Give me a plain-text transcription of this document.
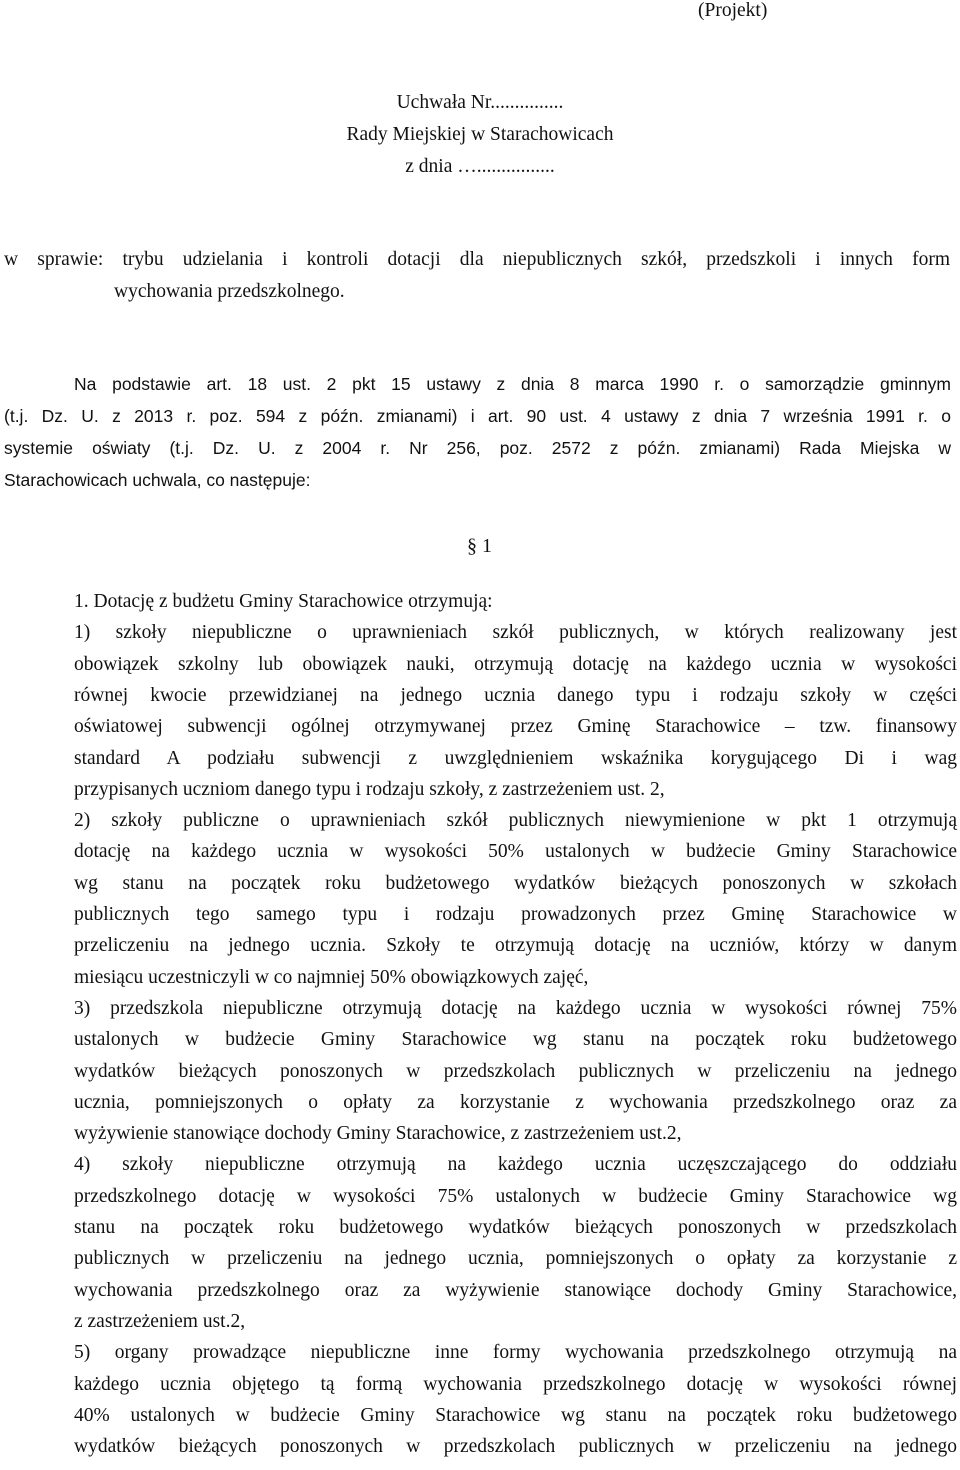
(Projekt)
Uchwała Nr...............
Rady Miejskiej w Starachowicach
z dnia …................
w sprawie: trybu udzielania i kontroli dotacji dla niepublicznych szkół, przedszkoli i innych form
wychowania przedszkolnego.
Na podstawie art. 18 ust. 2 pkt 15 ustawy z dnia 8 marca 1990 r. o samorządzie gminnym
(t.j. Dz. U. z 2013 r. poz. 594 z późn. zmianami) i art. 90 ust. 4 ustawy z dnia 7 września 1991 r. o
systemie oświaty (t.j. Dz. U. z 2004 r. Nr 256, poz. 2572 z późn. zmianami) Rada Miejska w
Starachowicach uchwala, co następuje:
§ 1
1. Dotację z budżetu Gminy Starachowice otrzymują:
1) szkoły niepubliczne o uprawnieniach szkół publicznych, w których realizowany jest
obowiązek szkolny lub obowiązek nauki, otrzymują dotację na każdego ucznia w wysokości
równej kwocie przewidzianej na jednego ucznia danego typu i rodzaju szkoły w części
oświatowej subwencji ogólnej otrzymywanej przez Gminę Starachowice – tzw. finansowy
standard A podziału subwencji z uwzględnieniem wskaźnika korygującego Di i wag
przypisanych uczniom danego typu i rodzaju szkoły, z zastrzeżeniem ust. 2,
2) szkoły publiczne o uprawnieniach szkół publicznych niewymienione w pkt 1 otrzymują
dotację na każdego ucznia w wysokości 50% ustalonych w budżecie Gminy Starachowice
wg stanu na początek roku budżetowego wydatków bieżących ponoszonych w szkołach
publicznych tego samego typu i rodzaju prowadzonych przez Gminę Starachowice w
przeliczeniu na jednego ucznia. Szkoły te otrzymują dotację na uczniów, którzy w danym
miesiącu uczestniczyli w co najmniej 50% obowiązkowych zajęć,
3) przedszkola niepubliczne otrzymują dotację na każdego ucznia w wysokości równej 75%
ustalonych w budżecie Gminy Starachowice wg stanu na początek roku budżetowego
wydatków bieżących ponoszonych w przedszkolach publicznych w przeliczeniu na jednego
ucznia, pomniejszonych o opłaty za korzystanie z wychowania przedszkolnego oraz za
wyżywienie stanowiące dochody Gminy Starachowice, z zastrzeżeniem ust.2,
4) szkoły niepubliczne otrzymują na każdego ucznia uczęszczającego do oddziału
przedszkolnego dotację w wysokości 75% ustalonych w budżecie Gminy Starachowice wg
stanu na początek roku budżetowego wydatków bieżących ponoszonych w przedszkolach
publicznych w przeliczeniu na jednego ucznia, pomniejszonych o opłaty za korzystanie z
wychowania przedszkolnego oraz za wyżywienie stanowiące dochody Gminy Starachowice,
z zastrzeżeniem ust.2,
5) organy prowadzące niepubliczne inne formy wychowania przedszkolnego otrzymują na
każdego ucznia objętego tą formą wychowania przedszkolnego dotację w wysokości równej
40% ustalonych w budżecie Gminy Starachowice wg stanu na początek roku budżetowego
wydatków bieżących ponoszonych w przedszkolach publicznych w przeliczeniu na jednego
